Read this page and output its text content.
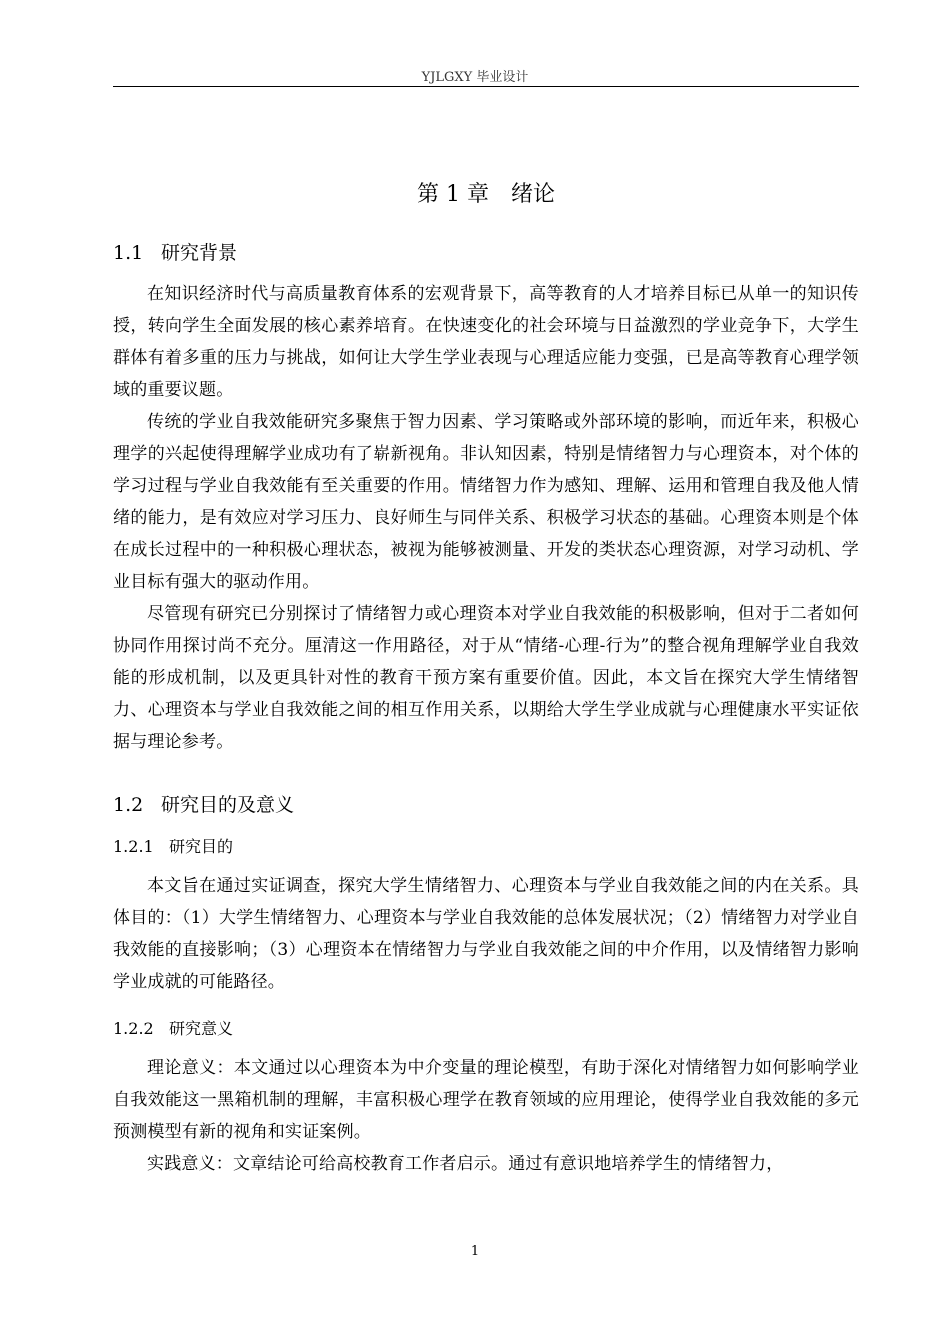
YJLGXY 毕业设计
第 1 章　绪论
1.1 研究背景

在知识经济时代与高质量教育体系的宏观背景下，高等教育的人才培养目标已从单一的知识传授，转向学生全面发展的核心素养培育。在快速变化的社会环境与日益激烈的学业竞争下，大学生群体有着多重的压力与挑战，如何让大学生学业表现与心理适应能力变强，已是高等教育心理学领域的重要议题。

传统的学业自我效能研究多聚焦于智力因素、学习策略或外部环境的影响，而近年来，积极心理学的兴起使得理解学业成功有了崭新视角。非认知因素，特别是情绪智力与心理资本，对个体的学习过程与学业自我效能有至关重要的作用。情绪智力作为感知、理解、运用和管理自我及他人情绪的能力，是有效应对学习压力、良好师生与同伴关系、积极学习状态的基础。心理资本则是个体在成长过程中的一种积极心理状态，被视为能够被测量、开发的类状态心理资源，对学习动机、学业目标有强大的驱动作用。

尽管现有研究已分别探讨了情绪智力或心理资本对学业自我效能的积极影响，但对于二者如何协同作用探讨尚不充分。厘清这一作用路径，对于从“情绪-心理-行为”的整合视角理解学业自我效能的形成机制，以及更具针对性的教育干预方案有重要价值。因此，本文旨在探究大学生情绪智力、心理资本与学业自我效能之间的相互作用关系，以期给大学生学业成就与心理健康水平实证依据与理论参考。

1.2 研究目的及意义
1.2.1 研究目的

本文旨在通过实证调查，探究大学生情绪智力、心理资本与学业自我效能之间的内在关系。具体目的：（1）大学生情绪智力、心理资本与学业自我效能的总体发展状况；（2）情绪智力对学业自我效能的直接影响；（3）心理资本在情绪智力与学业自我效能之间的中介作用，以及情绪智力影响学业成就的可能路径。

1.2.2 研究意义

理论意义：本文通过以心理资本为中介变量的理论模型，有助于深化对情绪智力如何影响学业自我效能这一黑箱机制的理解，丰富积极心理学在教育领域的应用理论，使得学业自我效能的多元预测模型有新的视角和实证案例。

实践意义：文章结论可给高校教育工作者启示。通过有意识地培养学生的情绪智力，

1
